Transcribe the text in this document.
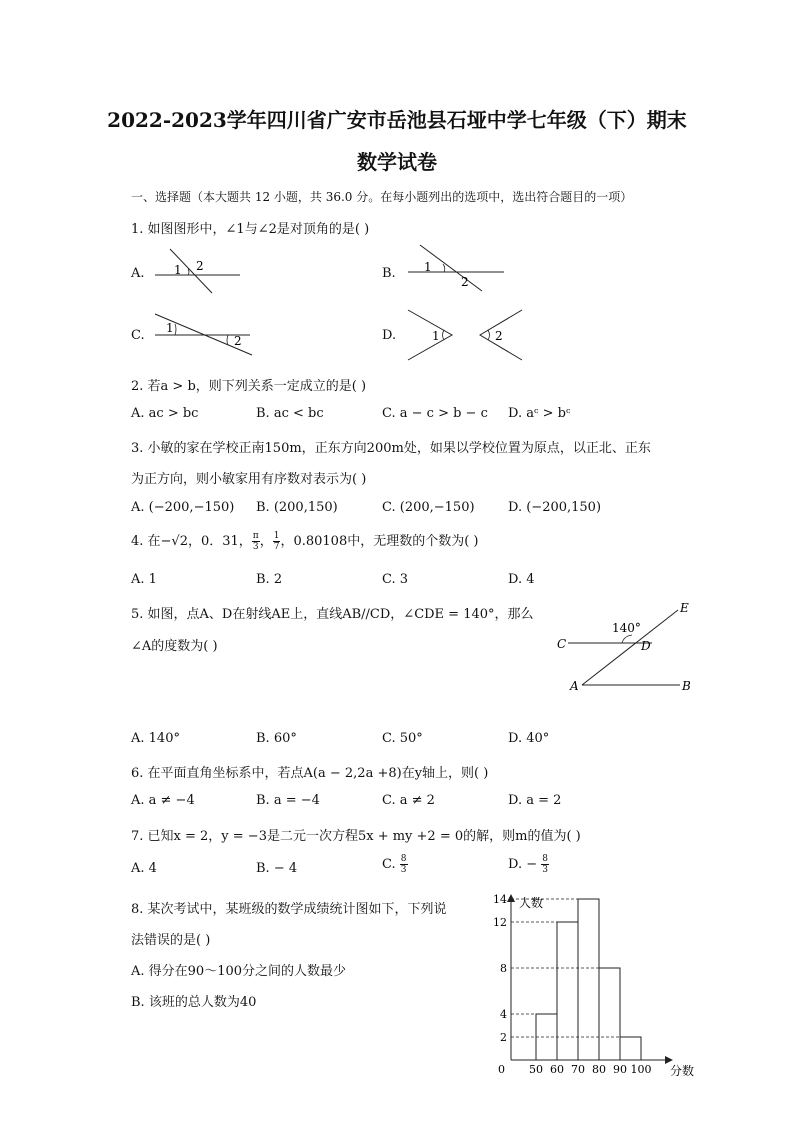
2022-2023学年四川省广安市岳池县石垭中学七年级（下）期末
数学试卷
一、选择题（本大题共 12 小题，共 36.0 分。在每小题列出的选项中，选出符合题目的一项）
1. 如图图形中，∠1与∠2是对顶角的是( )
A.	B.
C.	D.
1 2	1
2
1
2	1	2
2. 若a > b，则下列关系一定成立的是( )
A. ac > bc	B. ac < bc	C. a − c > b − c D. aᶜ > bᶜ
3. 小敏的家在学校正南150m，正东方向200m处，如果以学校位置为原点，以正北、正东
为正方向，则小敏家用有序数对表示为( )
A. (−200,−150) B. (200,150)	C. (200,−150)	D. (−200,150)
4. 在−√2，0．31， $\frac{\pi}{3}$ ， $\frac{1}{7}$ ，0.80108中，无理数的个数为( )
A. 1	B. 2	C. 3	D. 4
5. 如图，点A、D在射线AE上，直线AB//CD，∠CDE = 140°，那么
∠A的度数为( )
140°
C	D
E
A	B
A. 140°	B. 60°	C. 50°	D. 40°
6. 在平面直角坐标系中，若点A(a − 2,2a +8)在y轴上，则( )
A. a ≠ −4	B. a = −4	C. a ≠ 2	D. a = 2
7. 已知x = 2，y = −3是二元一次方程5x + my +2 = 0的解，则m的值为( )
A. 4	B. − 4	C. $\frac{8}{3}$	D. − $\frac{8}{3}$
8. 某次考试中，某班级的数学成绩统计图如下，下列说
法错误的是( )
A. 得分在90～100分之间的人数最少
B. 该班的总人数为40
2
4
8
12
14
0 50 60 70 80 90 100
人数
分数
